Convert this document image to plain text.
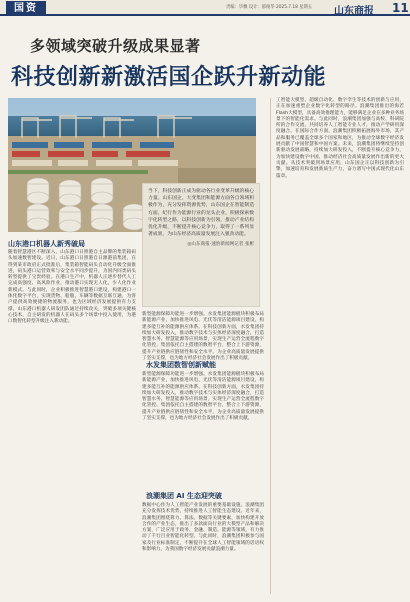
国资	责编：毕飘 设计：郁俊华 2025.7.18 星期五 山东商报 11
多领域突破升级成果显著
科技创新新激活国企跃升新动能

当下，科技创新正成为驱动各行业变革升级的核心力量。山东国企，大变集团和能源方面各自领域积极作为，充分发挥资源优势，山东国企在智能制造方面，纪行作为能源行业的龙头企业，积极探索数字化转型之路，以科技创新为引领，推动产业结构优化升级，不断提升核心竞争力，取得了一系列显著成果，为山东经济高质量发展注入强劲动能。

◎山东商报·速豹新闻网记者 张彬

山东港口机器人新秀破局
随着智慧港区不断深入，山东港口日照港自主品牌的集装箱码头加速数智建设。近日，山东港口日照港自日源港前集团，在得到某市政府正式批准后，集装箱智能码头自动化升级全面推进，码头港口运营效率与安全水平同步提升，为国内同类码头转型提供了宝贵经验。在港口生产中，机器人正逐步替代人工完成高强度、高风险作业，推动港口实现无人化、少人化作业新模式。与此同时，企业积极推进智慧港口建设，构建港口一体化数字平台，实现货物、船舶、车辆等数据互联互通，为客户提供高效便捷的物流服务，也为区域经济发展提供有力支撑。山东港口机器人研发团队通过持续攻关，突破多项关键核心技术，自主研发的机器人在码头多个场景中投入使用，为港口数智化转型升级注入新动能。
新型能源保障功能进一步增强。水发集团能源板块积极布局新能源产业，加快推进风电、光伏等清洁能源项目建设，构建多能互补的能源供应体系。在科技创新方面，水发集团持续加大研发投入，推动数字技术与实体经济深度融合，打造智慧水务、智慧能源等应用场景，实现生产运营全流程数字化管控。集团依托自主搭建的数智平台，整合上下游资源，提升产业链供应链韧性和安全水平，为企业高质量发展提供了坚实支撑，也为地方经济社会发展作出了积极贡献。
水发集团数智创新赋能
新型能源保障功能进一步增强。水发集团能源板块积极布局新能源产业，加快推进风电、光伏等清洁能源项目建设，构建多能互补的能源供应体系。在科技创新方面，水发集团持续加大研发投入，推动数字技术与实体经济深度融合，打造智慧水务、智慧能源等应用场景，实现生产运营全流程数字化管控。集团依托自主搭建的数智平台，整合上下游资源，提升产业链供应链韧性和安全水平，为企业高质量发展提供了坚实支撑，也为地方经济社会发展作出了积极贡献。
浪潮集团 AI 生态迎突破
数据中心作为人工智能产业发展的重要基础设施，浪潮集团充分发挥技术优势，持续推进人工智能生态建设。近年来，浪潮集团围绕算力、算法、数据等关键要素，加快构建开放合作的产业生态，推出了多款面向行业的大模型产品和解决方案，广泛应用于政务、金融、制造、能源等领域，有力推动了千行百业智能化转型。与此同时，浪潮集团积极参与国家及行业标准制定，不断提升在全球人工智能领域的话语权和影响力，为我国数字经济发展贡献浪潮力量。
工智能大模型、超级自动化、数字孪生等技术的创新与应用，正在加速重塑企业数字化转型的路径。浪潮集团推出的海若Flash大模型，具备高效推理能力，能够满足企业在多种业务场景下的智能化需求。与此同时，浪潮集团加强与高校、科研院所的合作交流，共同培养人工智能专业人才，推动产学研用深度融合。在国际合作方面，浪潮集团积极拓展海外市场，其产品和服务已覆盖全球多个国家和地区，为推动全球数字经济发展贡献了中国智慧和中国方案。未来，浪潮集团将继续坚持创新驱动发展战略，持续加大研发投入，不断提升核心竞争力，为加快建设数字中国、推动经济社会高质量发展作出新的更大贡献。从技术突破到场景应用，山东国企正以科技创新为引擎，加速培育和发展新质生产力，奋力谱写中国式现代化山东篇章。
